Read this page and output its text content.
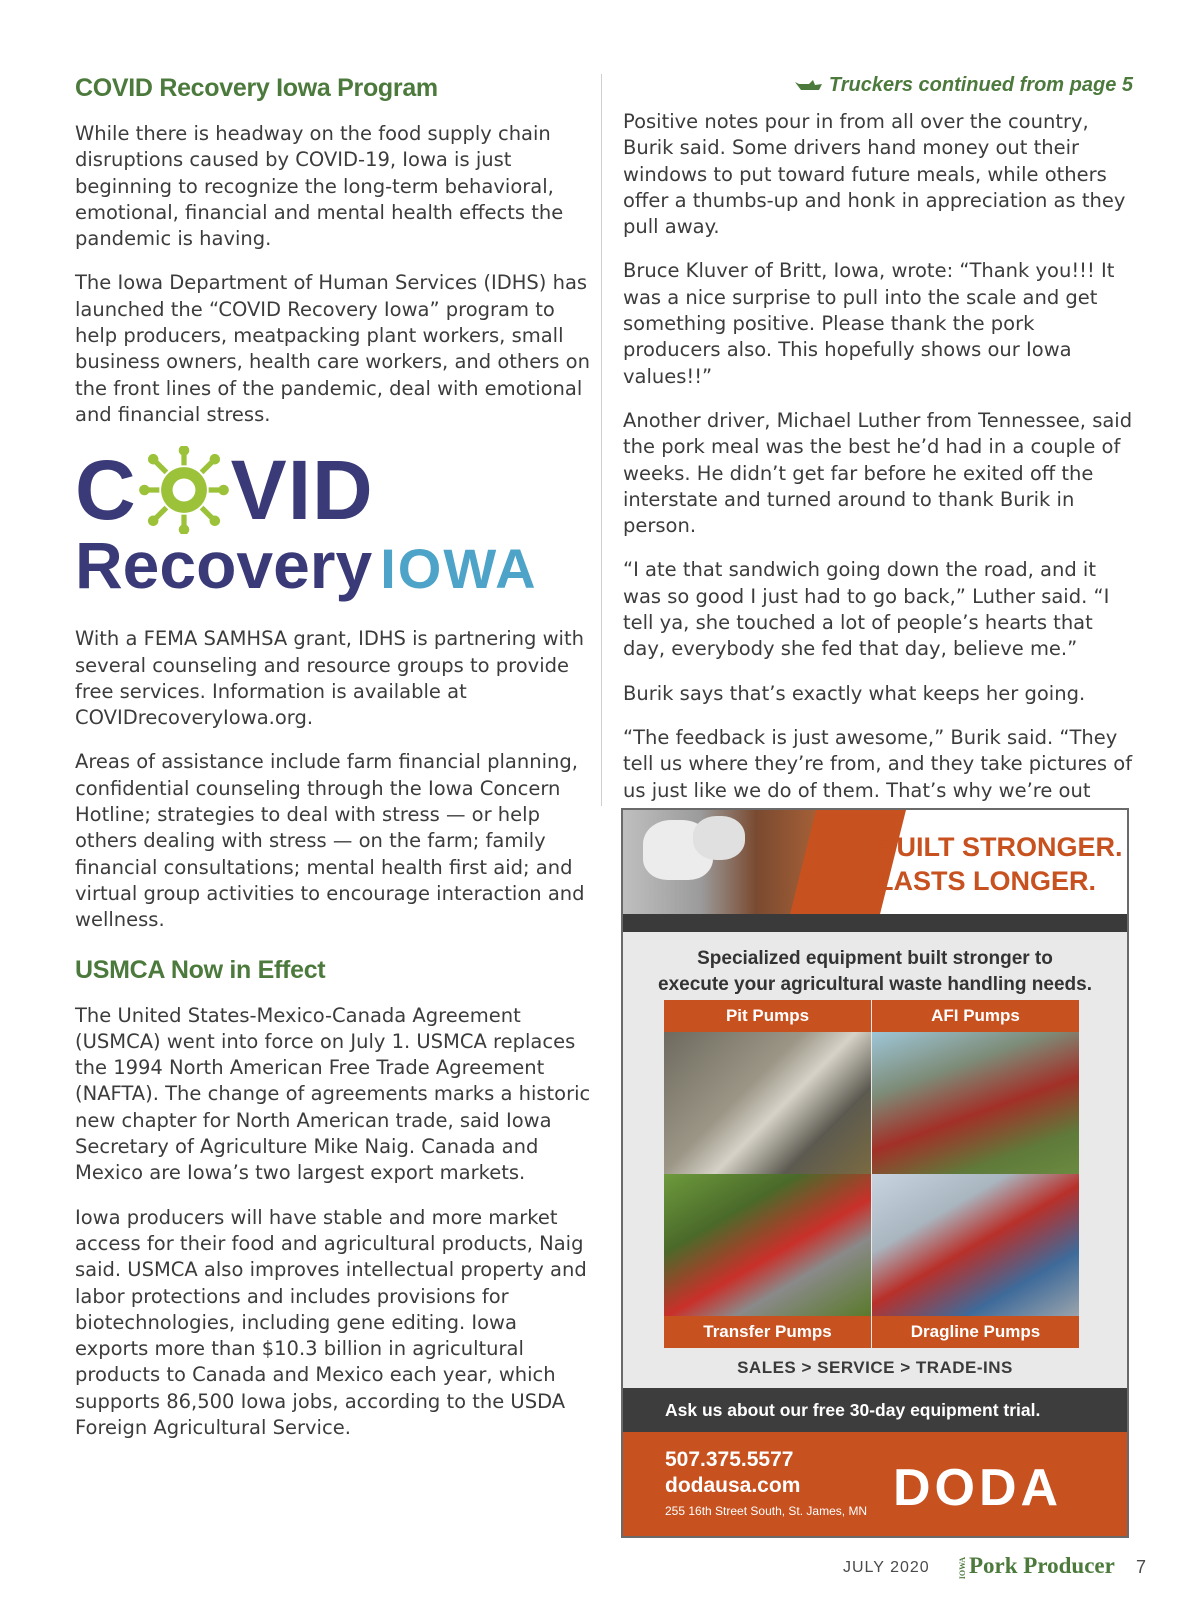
COVID Recovery Iowa Program

While there is headway on the food supply chain disruptions caused by COVID-19, Iowa is just beginning to recognize the long-term behavioral, emotional, financial and mental health effects the pandemic is having.

The Iowa Department of Human Services (IDHS) has launched the “COVID Recovery Iowa” program to help producers, meatpacking plant workers, small business owners, health care workers, and others on the front lines of the pandemic, deal with emotional and financial stress.

C VID
Recovery IOWA

With a FEMA SAMHSA grant, IDHS is partnering with several counseling and resource groups to provide free services. Information is available at COVIDrecoveryIowa.org.

Areas of assistance include farm financial planning, confidential counseling through the Iowa Concern Hotline; strategies to deal with stress — or help others dealing with stress — on the farm; family financial consultations; mental health first aid; and virtual group activities to encourage interaction and wellness.

USMCA Now in Effect

The United States-Mexico-Canada Agreement (USMCA) went into force on July 1. USMCA replaces the 1994 North American Free Trade Agreement (NAFTA). The change of agreements marks a historic new chapter for North American trade, said Iowa Secretary of Agriculture Mike Naig. Canada and Mexico are Iowa’s two largest export markets.

Iowa producers will have stable and more market access for their food and agricultural products, Naig said. USMCA also improves intellectual property and labor protections and includes provisions for biotechnologies, including gene editing. Iowa exports more than $10.3 billion in agricultural products to Canada and Mexico each year, which supports 86,500 Iowa jobs, according to the USDA Foreign Agricultural Service.

Truckers continued from page 5

Positive notes pour in from all over the country, Burik said. Some drivers hand money out their windows to put toward future meals, while others offer a thumbs-up and honk in appreciation as they pull away.

Bruce Kluver of Britt, Iowa, wrote: “Thank you!!! It was a nice surprise to pull into the scale and get something positive. Please thank the pork producers also. This hopefully shows our Iowa values!!”

Another driver, Michael Luther from Tennessee, said the pork meal was the best he’d had in a couple of weeks. He didn’t get far before he exited off the interstate and turned around to thank Burik in person.

“I ate that sandwich going down the road, and it was so good I just had to go back,” Luther said. “I tell ya, she touched a lot of people’s hearts that day, everybody she fed that day, believe me.”

Burik says that’s exactly what keeps her going.

“The feedback is just awesome,” Burik said. “They tell us where they’re from, and they take pictures of us just like we do of them. That’s why we’re out

BUILT STRONGER.
LASTS LONGER.
Specialized equipment built stronger to
execute your agricultural waste handling needs.
Pit Pumps	AFI Pumps
Transfer Pumps	Dragline Pumps
SALES > SERVICE > TRADE-INS
Ask us about our free 30-day equipment trial.
507.375.5577
dodausa.com
255 16th Street South, St. James, MN DODA
JULY 2020	IOWAPork Producer 7
